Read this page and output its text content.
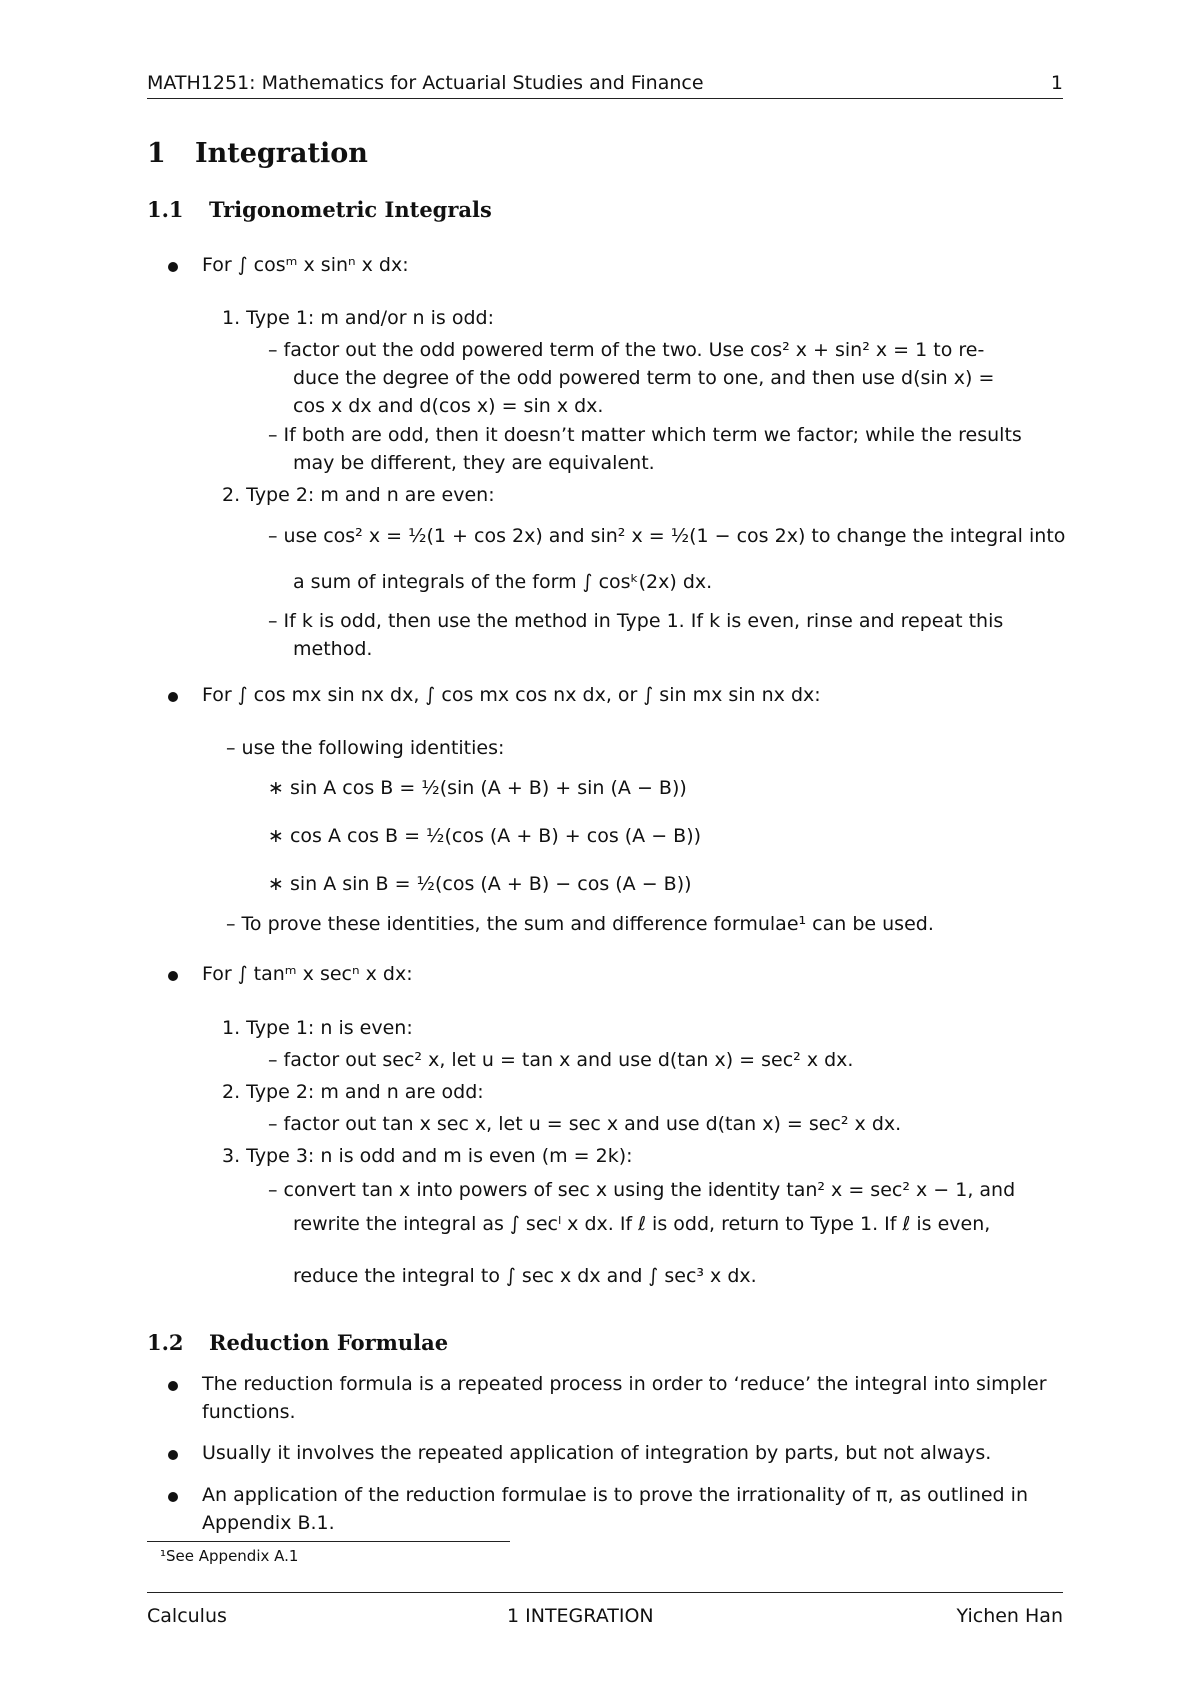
MATH1251: Mathematics for Actuarial Studies and Finance	1
1 Integration
1.1 Trigonometric Integrals
For ∫ cosᵐ x sinⁿ x dx:
1. Type 1: m and/or n is odd:
– factor out the odd powered term of the two. Use cos² x + sin² x = 1 to re-
duce the degree of the odd powered term to one, and then use d(sin x) =
cos x dx and d(cos x) = sin x dx.
– If both are odd, then it doesn’t matter which term we factor; while the results
may be different, they are equivalent.
2. Type 2: m and n are even:
– use cos² x = ½(1 + cos 2x) and sin² x = ½(1 − cos 2x) to change the integral into
a sum of integrals of the form ∫ cosᵏ(2x) dx.
– If k is odd, then use the method in Type 1. If k is even, rinse and repeat this
method.
For ∫ cos mx sin nx dx, ∫ cos mx cos nx dx, or ∫ sin mx sin nx dx:
– use the following identities:
∗ sin A cos B = ½(sin (A + B) + sin (A − B))
∗ cos A cos B = ½(cos (A + B) + cos (A − B))
∗ sin A sin B = ½(cos (A + B) − cos (A − B))
– To prove these identities, the sum and difference formulae¹ can be used.
For ∫ tanᵐ x secⁿ x dx:
1. Type 1: n is even:
– factor out sec² x, let u = tan x and use d(tan x) = sec² x dx.
2. Type 2: m and n are odd:
– factor out tan x sec x, let u = sec x and use d(tan x) = sec² x dx.
3. Type 3: n is odd and m is even (m = 2k):
– convert tan x into powers of sec x using the identity tan² x = sec² x − 1, and
rewrite the integral as ∫ secˡ x dx. If ℓ is odd, return to Type 1. If ℓ is even,
reduce the integral to ∫ sec x dx and ∫ sec³ x dx.
1.2 Reduction Formulae
The reduction formula is a repeated process in order to ‘reduce’ the integral into simpler
functions.
Usually it involves the repeated application of integration by parts, but not always.
An application of the reduction formulae is to prove the irrationality of π, as outlined in
Appendix B.1.
¹See Appendix A.1
Calculus	1 INTEGRATION	Yichen Han
